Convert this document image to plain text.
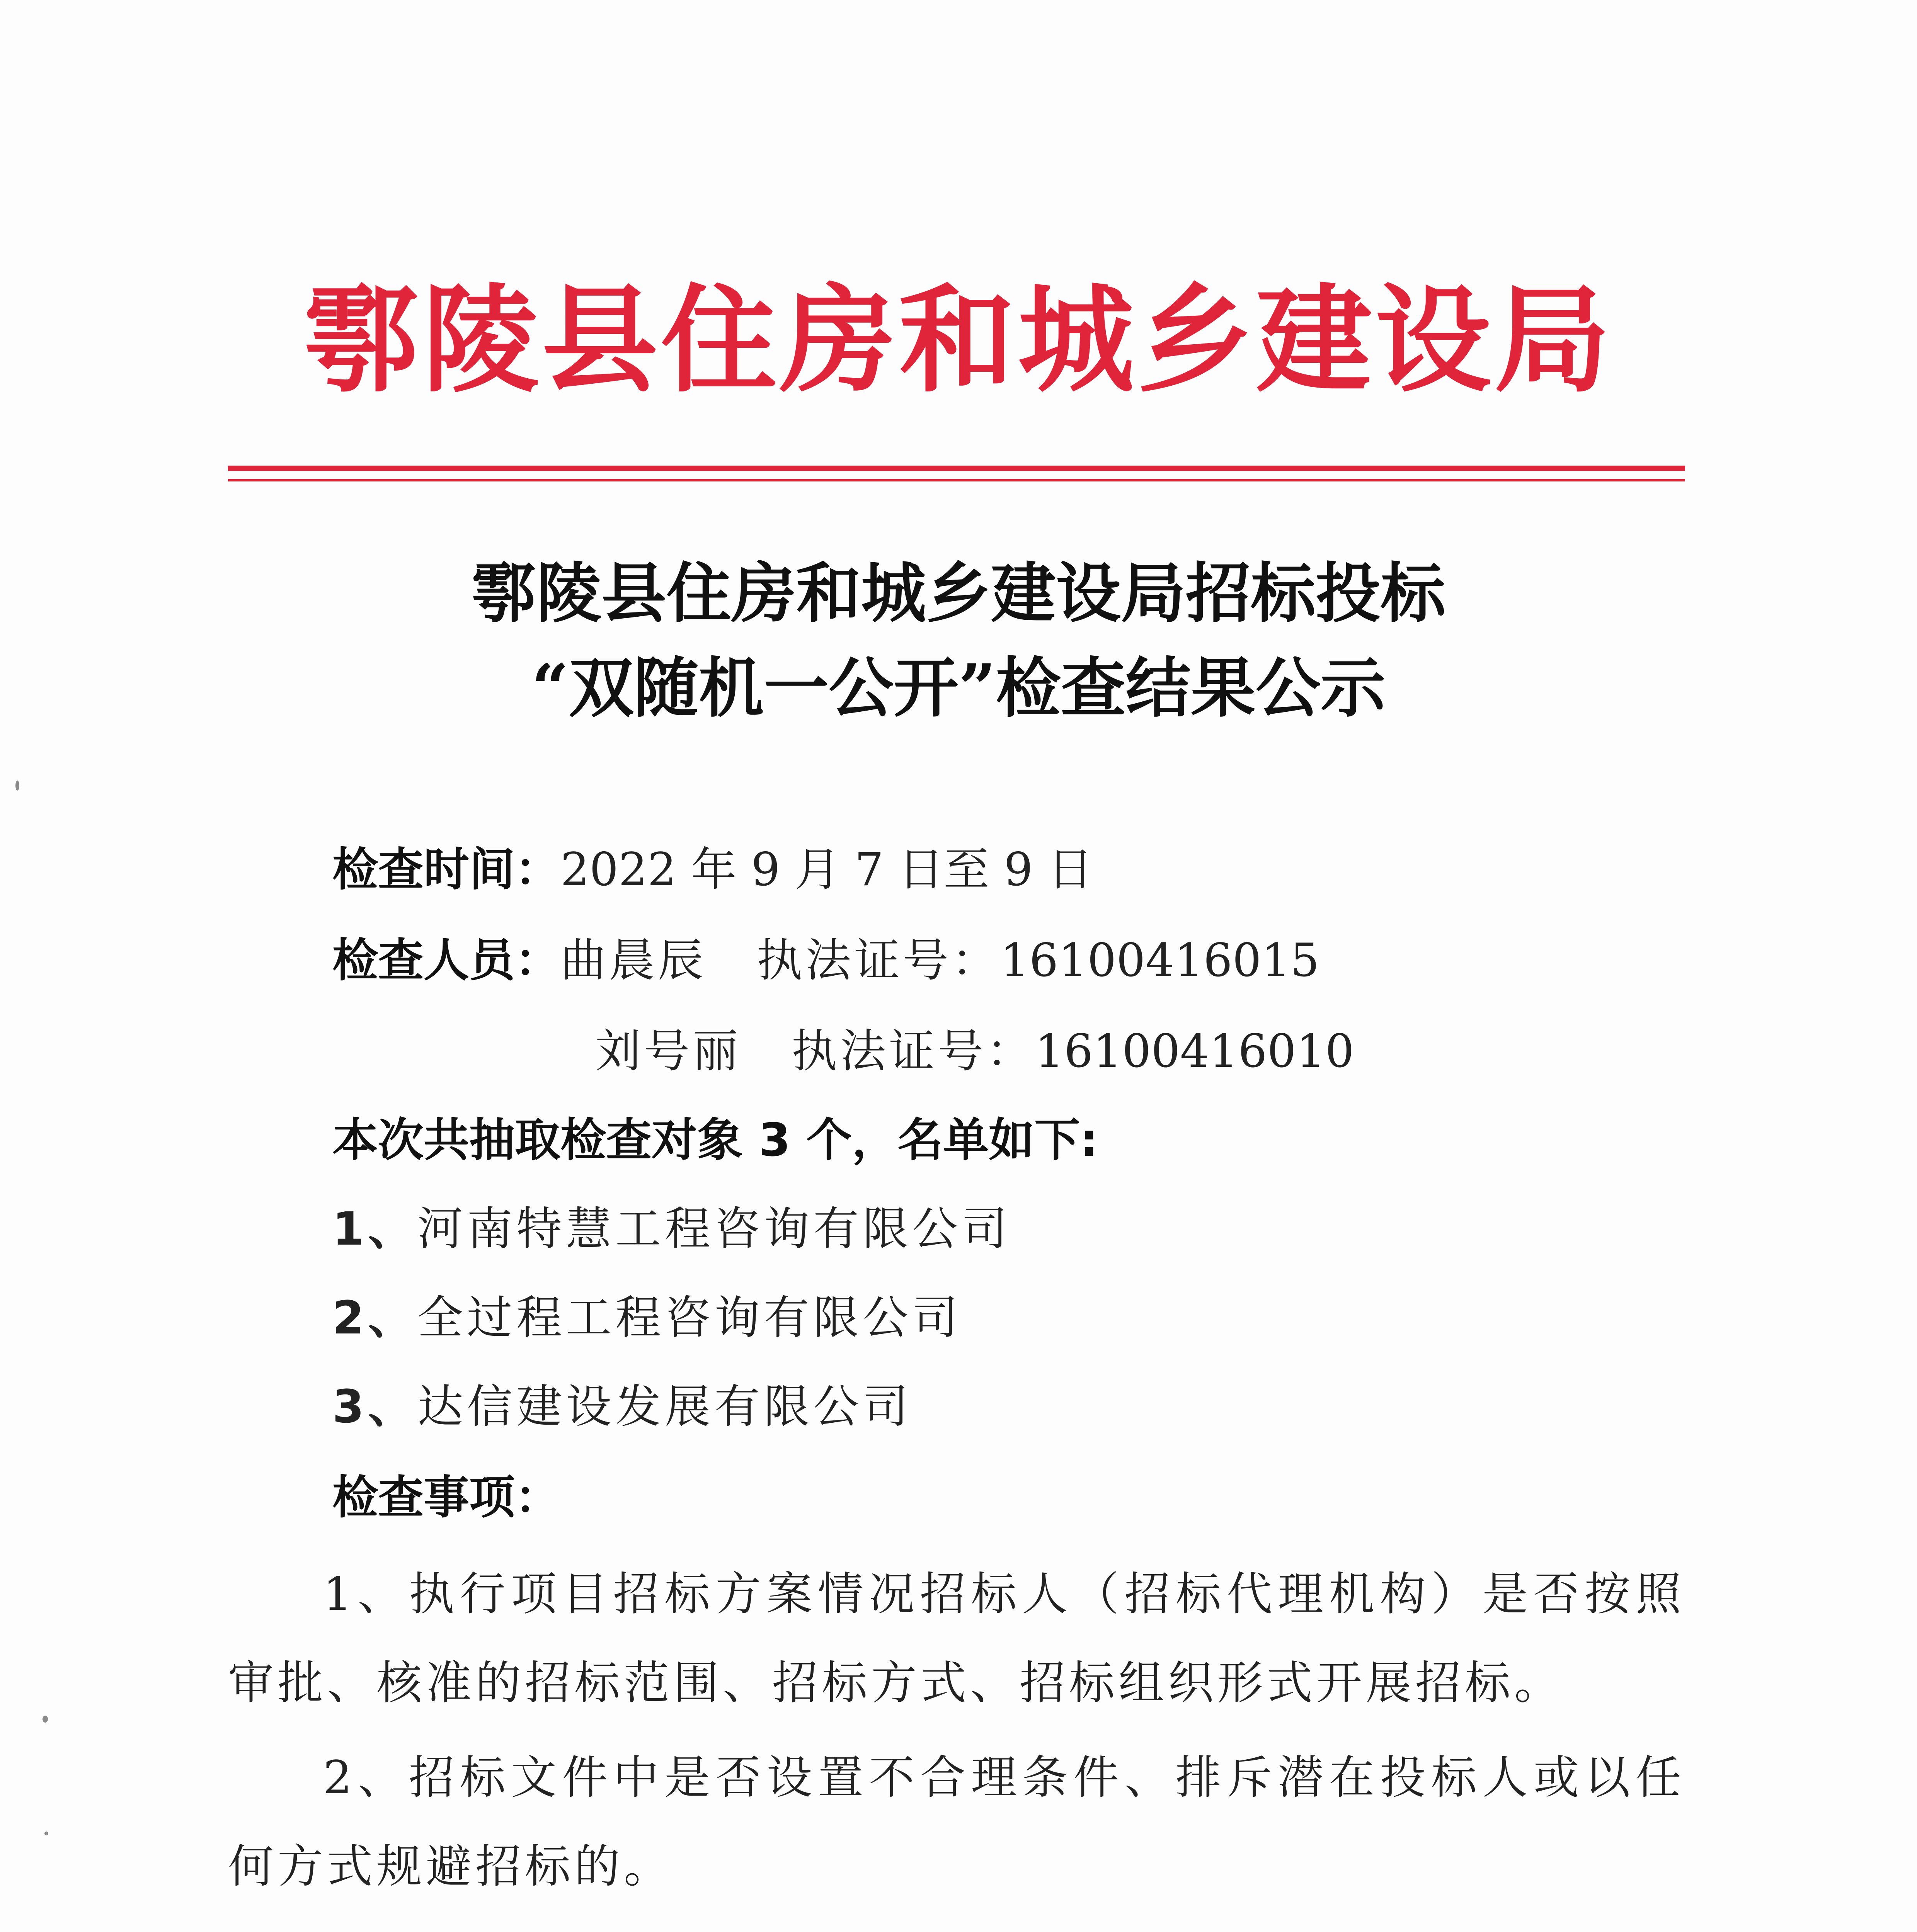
鄠陵县住房和城乡建设局
鄠陵县住房和城乡建设局招标投标
“双随机一公开”检查结果公示
检查时间：2022 年 9 月 7 日至 9 日
检查人员：曲晨辰 执法证号：16100416015
刘号丽 执法证号：16100416010
本次共抽取检查对象 3 个，名单如下:
1、河南特慧工程咨询有限公司
2、全过程工程咨询有限公司
3、达信建设发展有限公司
检查事项：
1、执行项目招标方案情况招标人（招标代理机构）是否按照审批、核准的招标范围、招标方式、招标组织形式开展招标。
2、招标文件中是否设置不合理条件、排斥潜在投标人或以任何方式规避招标的。
